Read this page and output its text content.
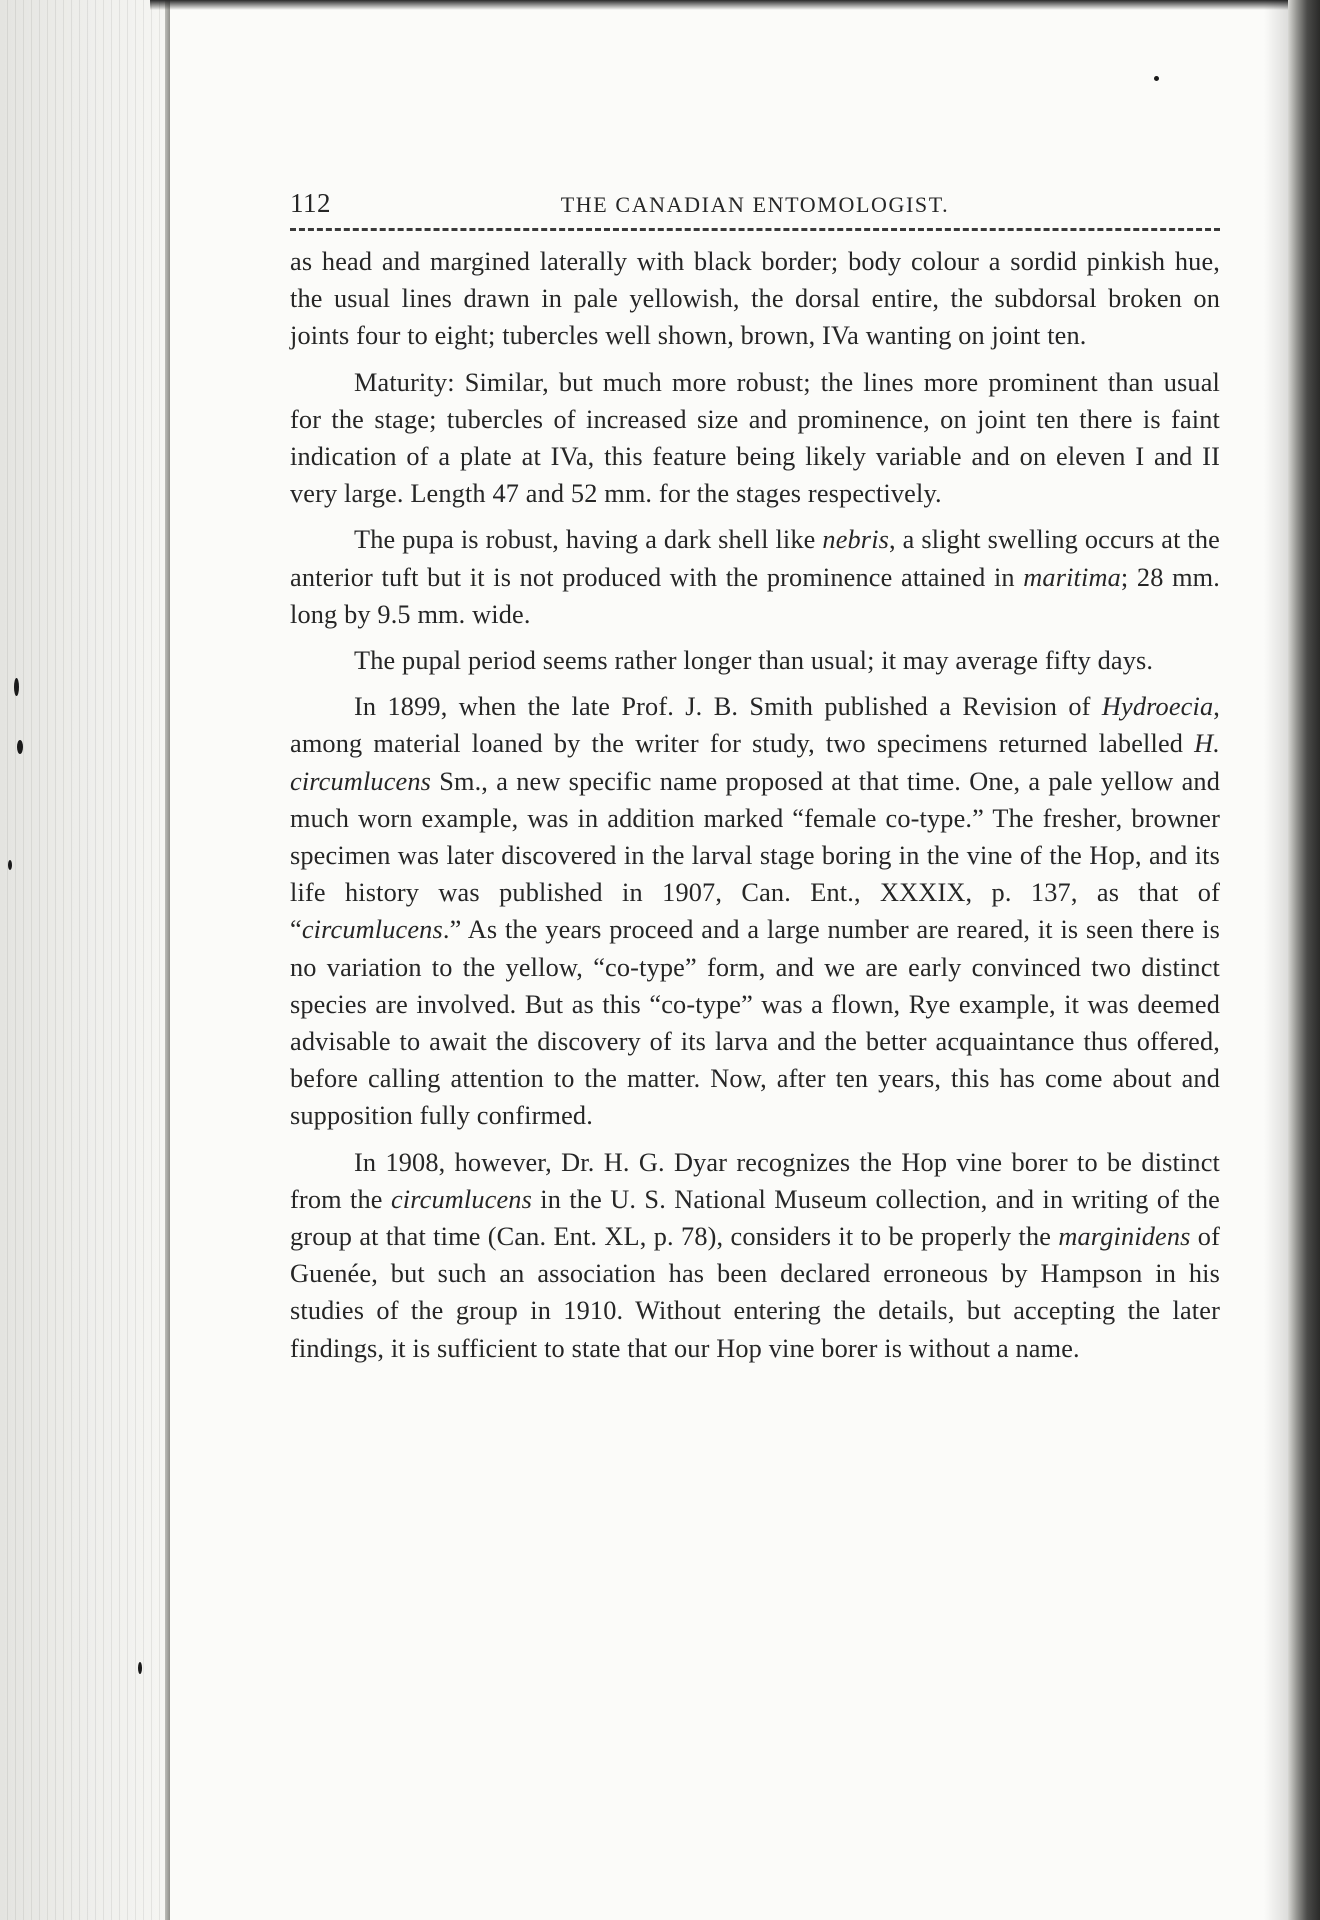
112	THE CANADIAN ENTOMOLOGIST.

as head and margined laterally with black border; body colour a sordid pinkish hue, the usual lines drawn in pale yellowish, the dorsal entire, the subdorsal broken on joints four to eight; tubercles well shown, brown, IVa wanting on joint ten.

Maturity: Similar, but much more robust; the lines more prominent than usual for the stage; tubercles of increased size and prominence, on joint ten there is faint indication of a plate at IVa, this feature being likely variable and on eleven I and II very large. Length 47 and 52 mm. for the stages respectively.

The pupa is robust, having a dark shell like nebris, a slight swelling occurs at the anterior tuft but it is not produced with the prominence attained in maritima; 28 mm. long by 9.5 mm. wide.

The pupal period seems rather longer than usual; it may average fifty days.

In 1899, when the late Prof. J. B. Smith published a Revision of Hydroecia, among material loaned by the writer for study, two specimens returned labelled H. circumlucens Sm., a new specific name proposed at that time. One, a pale yellow and much worn example, was in addition marked “female co-type.” The fresher, browner specimen was later discovered in the larval stage boring in the vine of the Hop, and its life history was published in 1907, Can. Ent., XXXIX, p. 137, as that of “circumlucens.” As the years proceed and a large number are reared, it is seen there is no variation to the yellow, “co-type” form, and we are early convinced two distinct species are involved. But as this “co-type” was a flown, Rye example, it was deemed advisable to await the discovery of its larva and the better acquaintance thus offered, before calling attention to the matter. Now, after ten years, this has come about and supposition fully confirmed.

In 1908, however, Dr. H. G. Dyar recognizes the Hop vine borer to be distinct from the circumlucens in the U. S. National Museum collection, and in writing of the group at that time (Can. Ent. XL, p. 78), considers it to be properly the marginidens of Guenée, but such an association has been declared erroneous by Hampson in his studies of the group in 1910. Without entering the details, but accepting the later findings, it is sufficient to state that our Hop vine borer is without a name.
